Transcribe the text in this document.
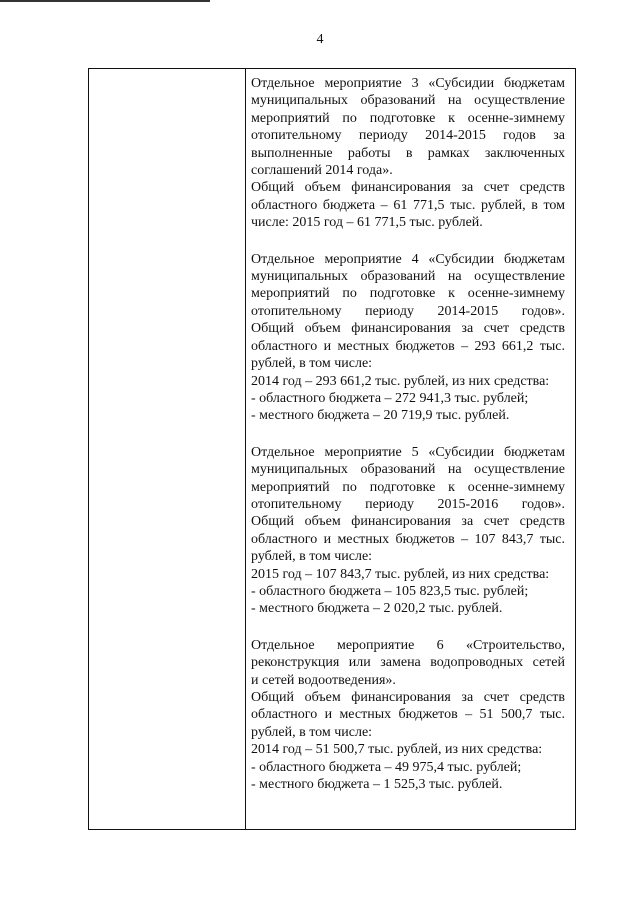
4
Отдельное мероприятие 3 «Субсидии бюджетам
муниципальных образований на осуществление
мероприятий по подготовке к осенне-зимнему
отопительному периоду 2014-2015 годов за
выполненные работы в рамках заключенных
соглашений 2014 года».
Общий объем финансирования за счет средств
областного бюджета – 61 771,5 тыс. рублей, в том
числе: 2015 год – 61 771,5 тыс. рублей.
Отдельное мероприятие 4 «Субсидии бюджетам
муниципальных образований на осуществление
мероприятий по подготовке к осенне-зимнему
отопительному периоду 2014-2015 годов».
Общий объем финансирования за счет средств
областного и местных бюджетов – 293 661,2 тыс.
рублей, в том числе:
2014 год – 293 661,2 тыс. рублей, из них средства:
- областного бюджета – 272 941,3 тыс. рублей;
- местного бюджета – 20 719,9 тыс. рублей.
Отдельное мероприятие 5 «Субсидии бюджетам
муниципальных образований на осуществление
мероприятий по подготовке к осенне-зимнему
отопительному периоду 2015-2016 годов».
Общий объем финансирования за счет средств
областного и местных бюджетов – 107 843,7 тыс.
рублей, в том числе:
2015 год – 107 843,7 тыс. рублей, из них средства:
- областного бюджета – 105 823,5 тыс. рублей;
- местного бюджета – 2 020,2 тыс. рублей.
Отдельное мероприятие 6 «Строительство,
реконструкция или замена водопроводных сетей
и сетей водоотведения».
Общий объем финансирования за счет средств
областного и местных бюджетов – 51 500,7 тыс.
рублей, в том числе:
2014 год – 51 500,7 тыс. рублей, из них средства:
- областного бюджета – 49 975,4 тыс. рублей;
- местного бюджета – 1 525,3 тыс. рублей.
